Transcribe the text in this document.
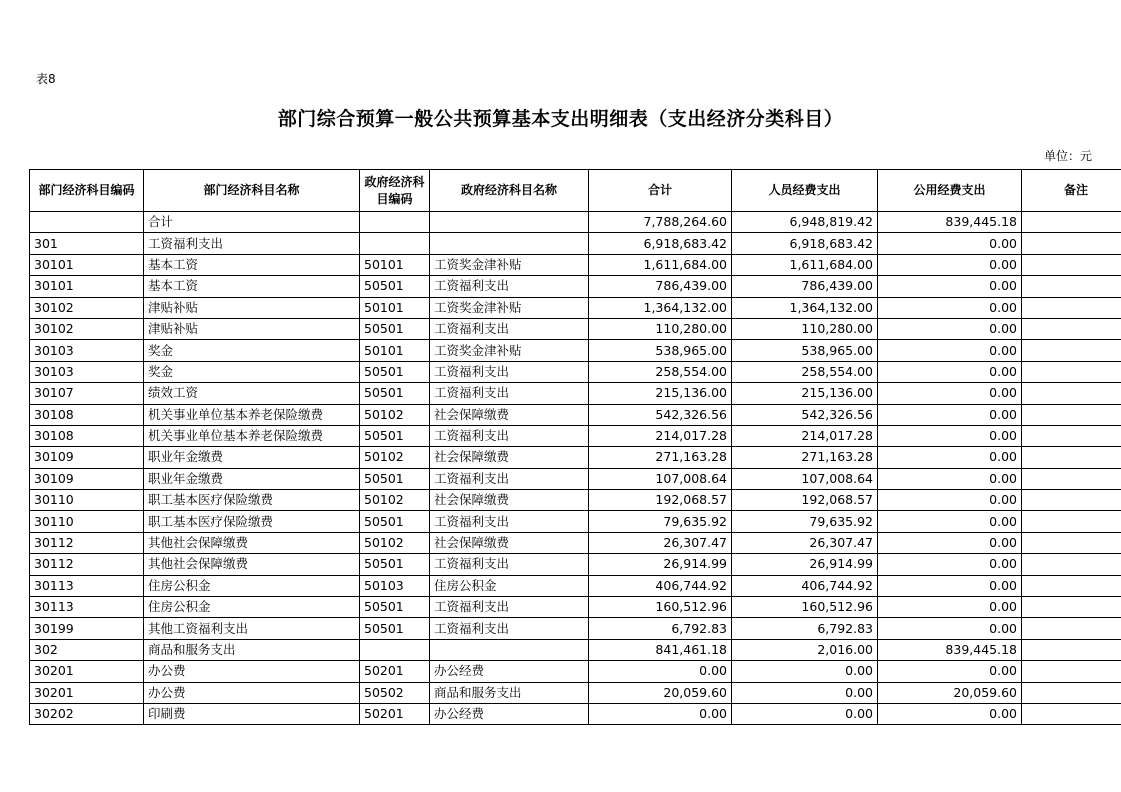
表8
部门综合预算一般公共预算基本支出明细表（支出经济分类科目）
单位：元
部门经济科目编码	部门经济科目名称	政府经济科目编码	政府经济科目名称	合计	人员经费支出	公用经费支出	备注
	合计			7,788,264.60	6,948,819.42	839,445.18	
301	工资福利支出			6,918,683.42	6,918,683.42	0.00	
30101	基本工资	50101	工资奖金津补贴	1,611,684.00	1,611,684.00	0.00	
30101	基本工资	50501	工资福利支出	786,439.00	786,439.00	0.00	
30102	津贴补贴	50101	工资奖金津补贴	1,364,132.00	1,364,132.00	0.00	
30102	津贴补贴	50501	工资福利支出	110,280.00	110,280.00	0.00	
30103	奖金	50101	工资奖金津补贴	538,965.00	538,965.00	0.00	
30103	奖金	50501	工资福利支出	258,554.00	258,554.00	0.00	
30107	绩效工资	50501	工资福利支出	215,136.00	215,136.00	0.00	
30108	机关事业单位基本养老保险缴费	50102	社会保障缴费	542,326.56	542,326.56	0.00	
30108	机关事业单位基本养老保险缴费	50501	工资福利支出	214,017.28	214,017.28	0.00	
30109	职业年金缴费	50102	社会保障缴费	271,163.28	271,163.28	0.00	
30109	职业年金缴费	50501	工资福利支出	107,008.64	107,008.64	0.00	
30110	职工基本医疗保险缴费	50102	社会保障缴费	192,068.57	192,068.57	0.00	
30110	职工基本医疗保险缴费	50501	工资福利支出	79,635.92	79,635.92	0.00	
30112	其他社会保障缴费	50102	社会保障缴费	26,307.47	26,307.47	0.00	
30112	其他社会保障缴费	50501	工资福利支出	26,914.99	26,914.99	0.00	
30113	住房公积金	50103	住房公积金	406,744.92	406,744.92	0.00	
30113	住房公积金	50501	工资福利支出	160,512.96	160,512.96	0.00	
30199	其他工资福利支出	50501	工资福利支出	6,792.83	6,792.83	0.00	
302	商品和服务支出			841,461.18	2,016.00	839,445.18	
30201	办公费	50201	办公经费	0.00	0.00	0.00	
30201	办公费	50502	商品和服务支出	20,059.60	0.00	20,059.60	
30202	印刷费	50201	办公经费	0.00	0.00	0.00	
